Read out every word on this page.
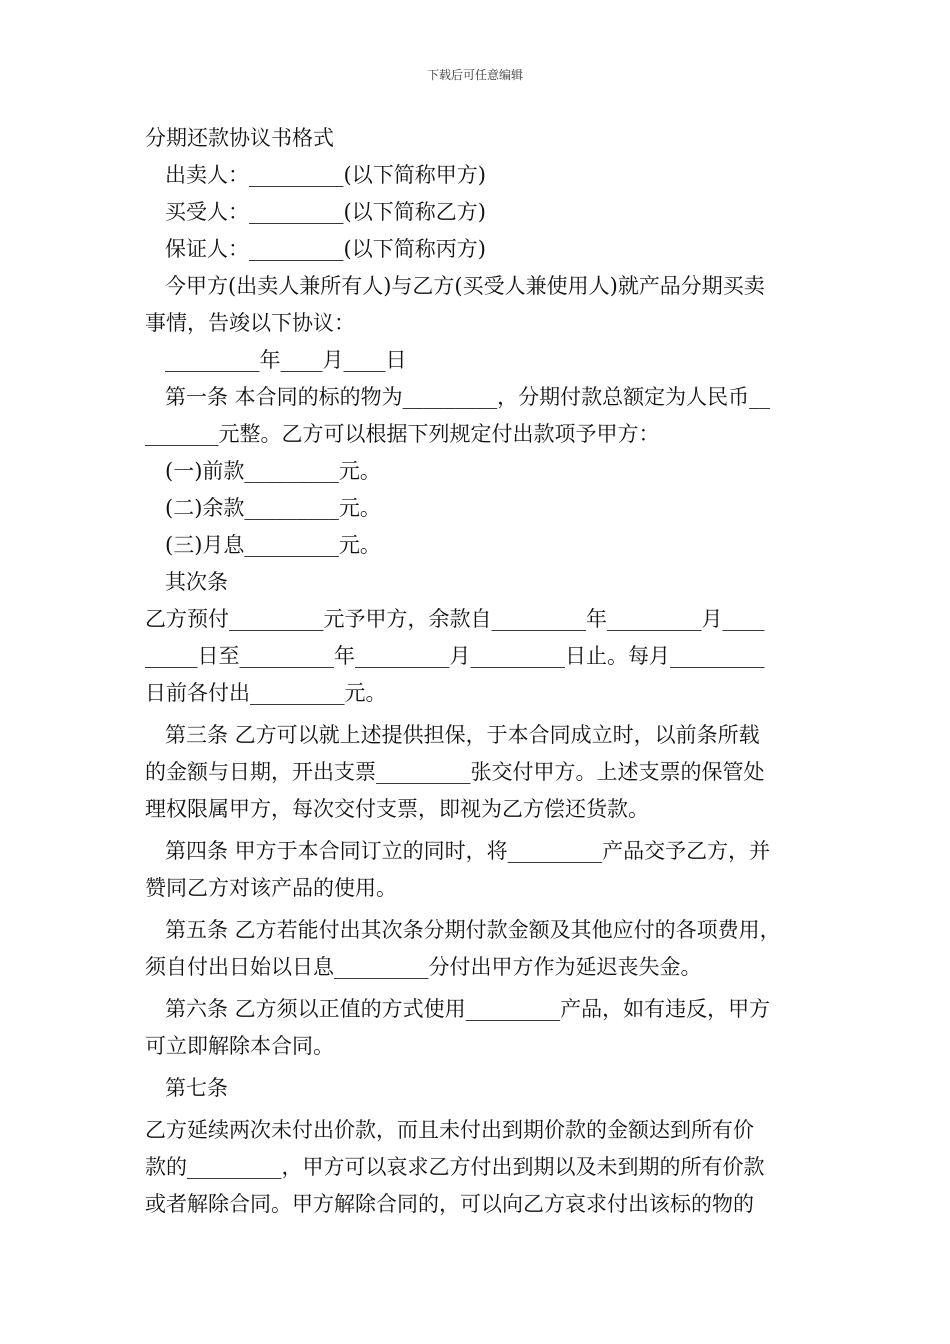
下载后可任意编辑

分期还款协议书格式

出卖人：_________(以下简称甲方)

买受人：_________(以下简称乙方)

保证人：_________(以下简称丙方)

今甲方(出卖人兼所有人)与乙方(买受人兼使用人)就产品分期买卖

事情，告竣以下协议：

_________年____月____日

第一条 本合同的标的物为_________，分期付款总额定为人民币__

_______元整。乙方可以根据下列规定付出款项予甲方：

(一)前款_________元。

(二)余款_________元。

(三)月息_________元。

其次条

乙方预付_________元予甲方，余款自_________年_________月____

_____日至_________年_________月_________日止。每月_________

日前各付出_________元。

第三条 乙方可以就上述提供担保，于本合同成立时，以前条所载

的金额与日期，开出支票_________张交付甲方。上述支票的保管处

理权限属甲方，每次交付支票，即视为乙方偿还货款。

第四条 甲方于本合同订立的同时，将_________产品交予乙方，并

赞同乙方对该产品的使用。

第五条 乙方若能付出其次条分期付款金额及其他应付的各项费用，

须自付出日始以日息_________分付出甲方作为延迟丧失金。

第六条 乙方须以正值的方式使用_________产品，如有违反，甲方

可立即解除本合同。

第七条

乙方延续两次未付出价款，而且未付出到期价款的金额达到所有价

款的_________，甲方可以哀求乙方付出到期以及未到期的所有价款

或者解除合同。甲方解除合同的，可以向乙方哀求付出该标的物的
